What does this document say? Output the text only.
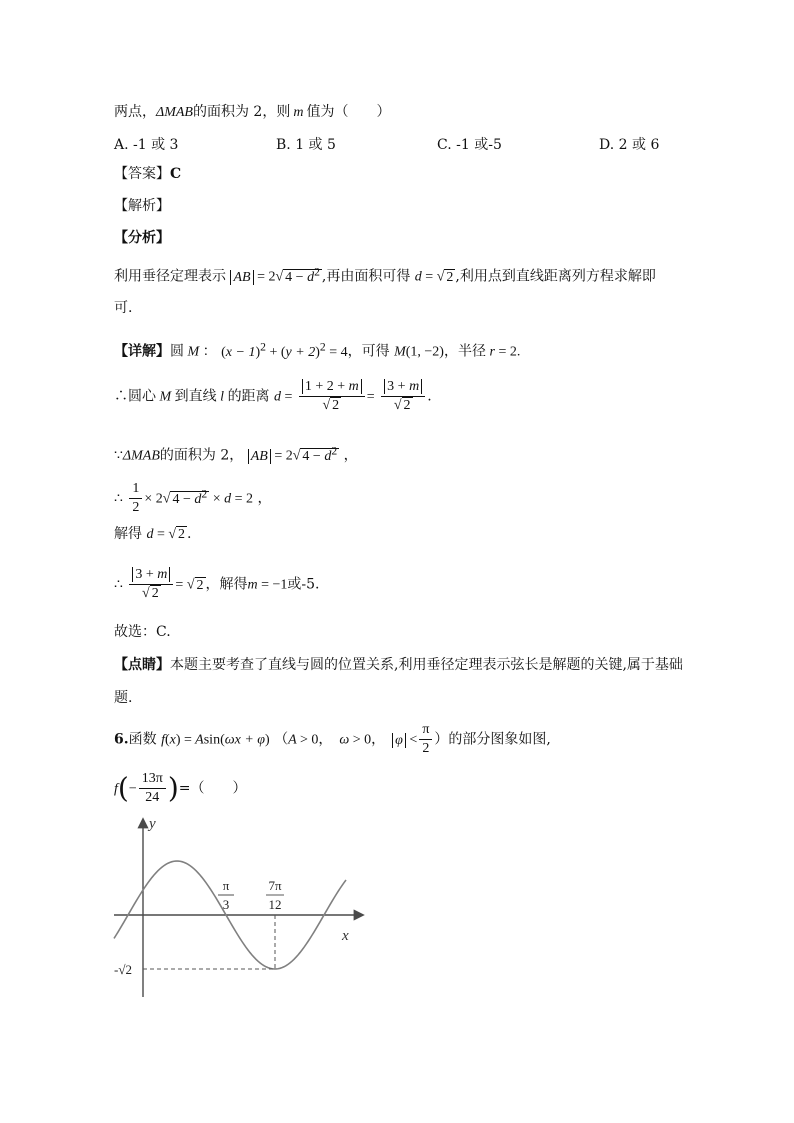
两点，ΔMAB的面积为 2，则 m 值为（　　）
A. -1 或 3	B. 1 或 5	C. -1 或-5	D. 2 或 6
【答案】C
【解析】
【分析】
利用垂径定理表示 AB = 2√ $4 - d^2$ ,再由面积可得 d = √ 2 ,利用点到直线距离列方程求解即
可.
【详解】圆 M ： $(x - 1)^2 + (y + 2)^2 = 4$，可得 M(1, −2)，半径 r = 2.
∴圆心 M 到直线 l 的距离 $d = \frac{1 + 2 + m}{√ 2} = \frac{3 + m}{√ 2}$ .
∵ΔMAB的面积为 2， AB = 2√ $4 - d^2$ ，
∴ $\frac{1}{2} \times 2√$ $4 - d^2 \times d = 2$ ，
解得 d = √ 2 .
∴ $\frac{3 + m}{√ 2}$ = √ 2 ，解得m = −1或-5.
故选：C.
【点睛】本题主要考查了直线与圆的位置关系,利用垂径定理表示弦长是解题的关键,属于基础
题.
6.函数 f(x) = Asin(ωx + φ) （A > 0，  ω > 0， $\varphi < \frac{\pi}{2}$ ）的部分图象如图,
$f(- \frac{13\pi}{24}$ )=（　　）
y
x
π
3
7π
12
-√2
